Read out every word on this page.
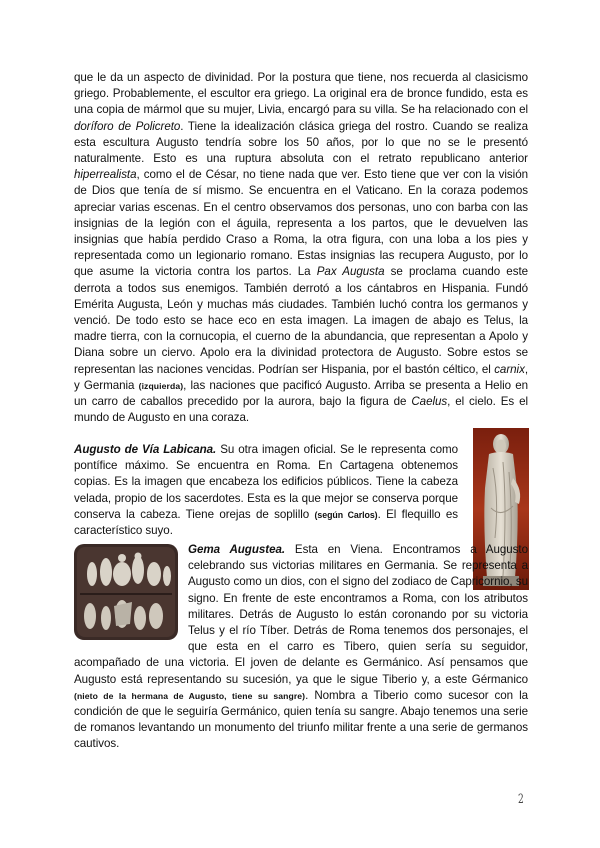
que le da un aspecto de divinidad. Por la postura que tiene, nos recuerda al clasicismo griego. Probablemente, el escultor era griego. La original era de bronce fundido, esta es una copia de mármol que su mujer, Livia, encargó para su villa. Se ha relacionado con el doríforo de Policreto. Tiene la idealización clásica griega del rostro. Cuando se realiza esta escultura Augusto tendría sobre los 50 años, por lo que no se le presentó naturalmente. Esto es una ruptura absoluta con el retrato republicano anterior hiperrealista, como el de César, no tiene nada que ver. Esto tiene que ver con la visión de Dios que tenía de sí mismo. Se encuentra en el Vaticano. En la coraza podemos apreciar varias escenas. En el centro observamos dos personas, uno con barba con las insignias de la legión con el águila, representa a los partos, que le devuelven las insignias que había perdido Craso a Roma, la otra figura, con una loba a los pies y representada como un legionario romano. Estas insignias las recupera Augusto, por lo que asume la victoria contra los partos. La Pax Augusta se proclama cuando este derrota a todos sus enemigos. También derrotó a los cántabros en Hispania. Fundó Emérita Augusta, León y muchas más ciudades. También luchó contra los germanos y venció. De todo esto se hace eco en esta imagen. La imagen de abajo es Telus, la madre tierra, con la cornucopia, el cuerno de la abundancia, que representan a Apolo y Diana sobre un ciervo. Apolo era la divinidad protectora de Augusto. Sobre estos se representan las naciones vencidas. Podrían ser Hispania, por el bastón céltico, el carnix, y Germania (izquierda), las naciones que pacificó Augusto. Arriba se presenta a Helio en un carro de caballos precedido por la aurora, bajo la figura de Caelus, el cielo. Es el mundo de Augusto en una coraza.

Augusto de Vía Labicana. Su otra imagen oficial. Se le representa como pontífice máximo. Se encuentra en Roma. En Cartagena obtenemos copias. Es la imagen que encabeza los edificios públicos. Tiene la cabeza velada, propio de los sacerdotes. Esta es la que mejor se conserva porque conserva la cabeza. Tiene orejas de soplillo (según Carlos). El flequillo es característico suyo.

Gema Augustea. Esta en Viena. Encontramos a Augusto celebrando sus victorias militares en Germania. Se representa a Augusto como un dios, con el signo del zodiaco de Capricornio, su signo. En frente de este encontramos a Roma, con los atributos militares. Detrás de Augusto lo están coronando por su victoria Telus y el río Tíber. Detrás de Roma tenemos dos personajes, el que esta en el carro es Tibero, quien sería su seguidor, acompañado de una victoria. El joven de delante es Germánico. Así pensamos que Augusto está representando su sucesión, ya que le sigue Tiberio y, a este Gérmanico (nieto de la hermana de Augusto, tiene su sangre). Nombra a Tiberio como sucesor con la condición de que le seguiría Germánico, quien tenía su sangre. Abajo tenemos una serie de romanos levantando un monumento del triunfo militar frente a una serie de germanos cautivos.

2
